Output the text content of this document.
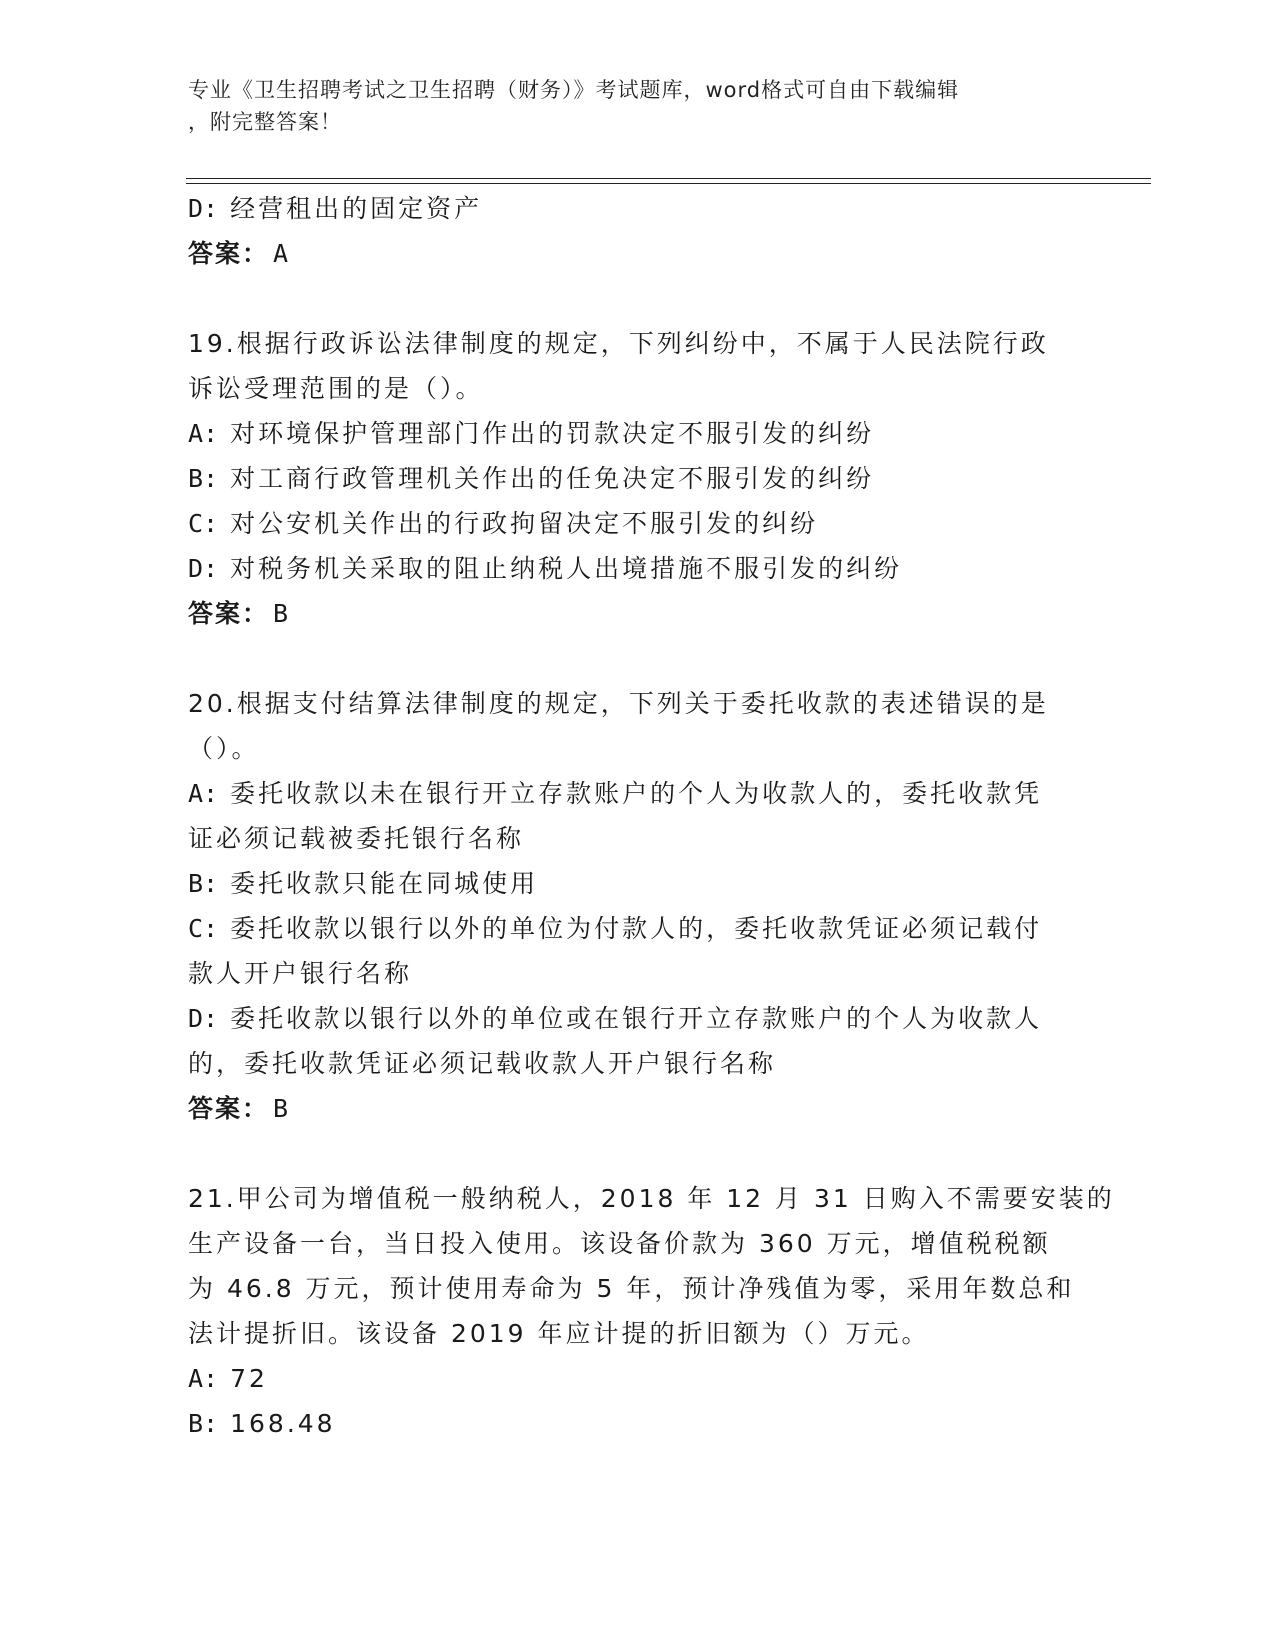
专业《卫生招聘考试之卫生招聘（财务）》考试题库，word格式可自由下载编辑
，附完整答案！
D: 经营租出的固定资产
答案： A
19.根据行政诉讼法律制度的规定，下列纠纷中，不属于人民法院行政
诉讼受理范围的是（）。
A: 对环境保护管理部门作出的罚款决定不服引发的纠纷
B: 对工商行政管理机关作出的任免决定不服引发的纠纷
C: 对公安机关作出的行政拘留决定不服引发的纠纷
D: 对税务机关采取的阻止纳税人出境措施不服引发的纠纷
答案： B
20.根据支付结算法律制度的规定，下列关于委托收款的表述错误的是
（）。
A: 委托收款以未在银行开立存款账户的个人为收款人的，委托收款凭
证必须记载被委托银行名称
B: 委托收款只能在同城使用
C: 委托收款以银行以外的单位为付款人的，委托收款凭证必须记载付
款人开户银行名称
D: 委托收款以银行以外的单位或在银行开立存款账户的个人为收款人
的，委托收款凭证必须记载收款人开户银行名称
答案： B
21.甲公司为增值税一般纳税人，2018 年 12 月 31 日购入不需要安装的
生产设备一台，当日投入使用。该设备价款为 360 万元，增值税税额
为 46.8 万元，预计使用寿命为 5 年，预计净残值为零，采用年数总和
法计提折旧。该设备 2019 年应计提的折旧额为（）万元。
A: 72
B: 168.48
